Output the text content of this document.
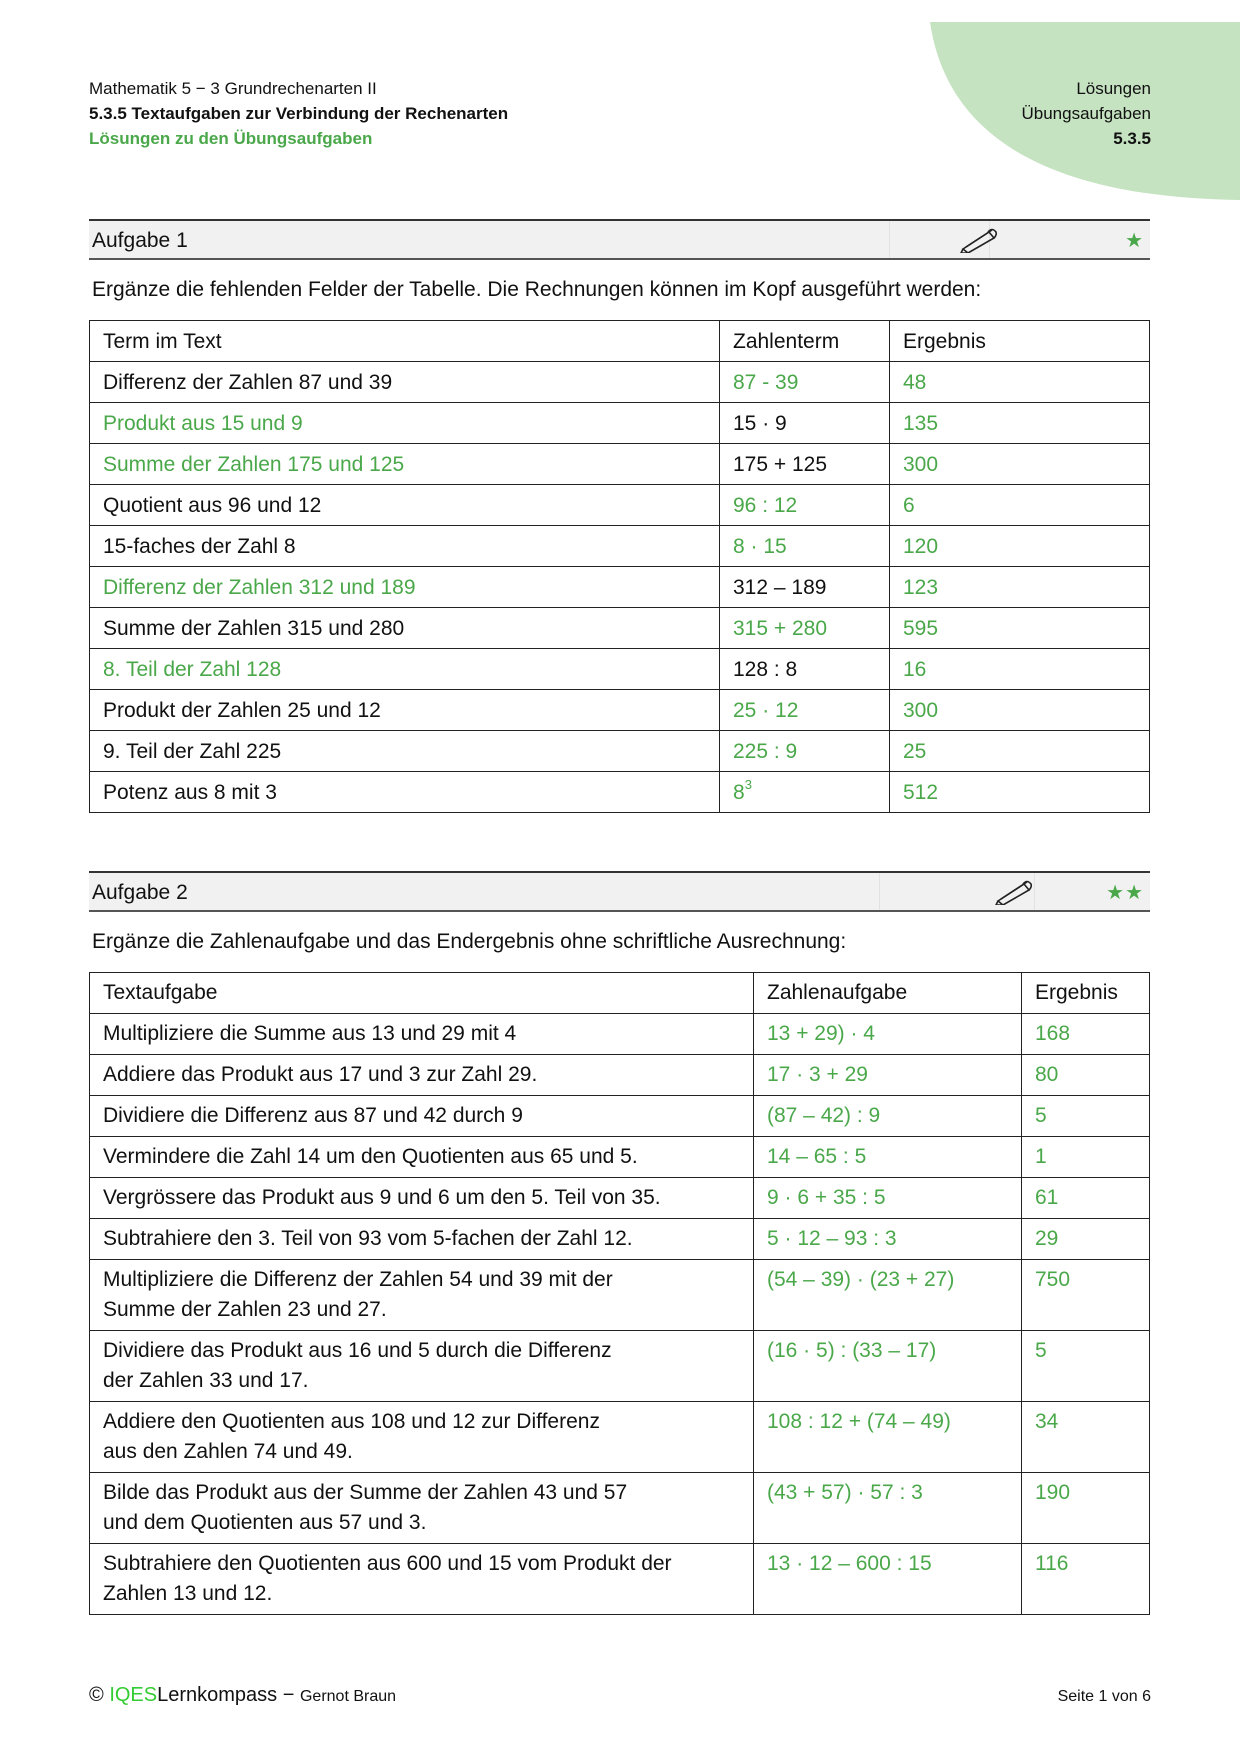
Mathematik 5 − 3 Grundrechenarten II
5.3.5 Textaufgaben zur Verbindung der Rechenarten
Lösungen zu den Übungsaufgaben
Lösungen
Übungsaufgaben
5.3.5
Aufgabe 1	★
Ergänze die fehlenden Felder der Tabelle. Die Rechnungen können im Kopf ausgeführt werden:
Term im Text	Zahlenterm	Ergebnis
Differenz der Zahlen 87 und 39	87 - 39	48
Produkt aus 15 und 9	15 · 9	135
Summe der Zahlen 175 und 125	175 + 125	300
Quotient aus 96 und 12	96 : 12	6
15-faches der Zahl 8	8 · 15	120
Differenz der Zahlen 312 und 189	312 – 189	123
Summe der Zahlen 315 und 280	315 + 280	595
8. Teil der Zahl 128	128 : 8	16
Produkt der Zahlen 25 und 12	25 · 12	300
9. Teil der Zahl 225	225 : 9	25
Potenz aus 8 mit 3	$8^3$	512
Aufgabe 2	★★
Ergänze die Zahlenaufgabe und das Endergebnis ohne schriftliche Ausrechnung:
Textaufgabe	Zahlenaufgabe	Ergebnis

Multipliziere die Summe aus 13 und 29 mit 4	13 + 29) · 4	168

Addiere das Produkt aus 17 und 3 zur Zahl 29.	17 · 3 + 29	80

Dividiere die Differenz aus 87 und 42 durch 9	(87 – 42) : 9	5

Vermindere die Zahl 14 um den Quotienten aus 65 und 5.	14 – 65 : 5	1

Vergrössere das Produkt aus 9 und 6 um den 5. Teil von 35.	9 · 6 + 35 : 5	61

Subtrahiere den 3. Teil von 93 vom 5-fachen der Zahl 12.	5 · 12 – 93 : 3	29

Multipliziere die Differenz der Zahlen 54 und 39 mit der
Summe der Zahlen 23 und 27.	(54 – 39) · (23 + 27)	750

Dividiere das Produkt aus 16 und 5 durch die Differenz
der Zahlen 33 und 17.	(16 · 5) : (33 – 17)	5

Addiere den Quotienten aus 108 und 12 zur Differenz
aus den Zahlen 74 und 49.	108 : 12 + (74 – 49)	34

Bilde das Produkt aus der Summe der Zahlen 43 und 57
und dem Quotienten aus 57 und 3.	(43 + 57) · 57 : 3	190

Subtrahiere den Quotienten aus 600 und 15 vom Produkt der
Zahlen 13 und 12.	13 · 12 – 600 : 15	116
© IQESLernkompass − Gernot Braun	Seite 1 von 6
